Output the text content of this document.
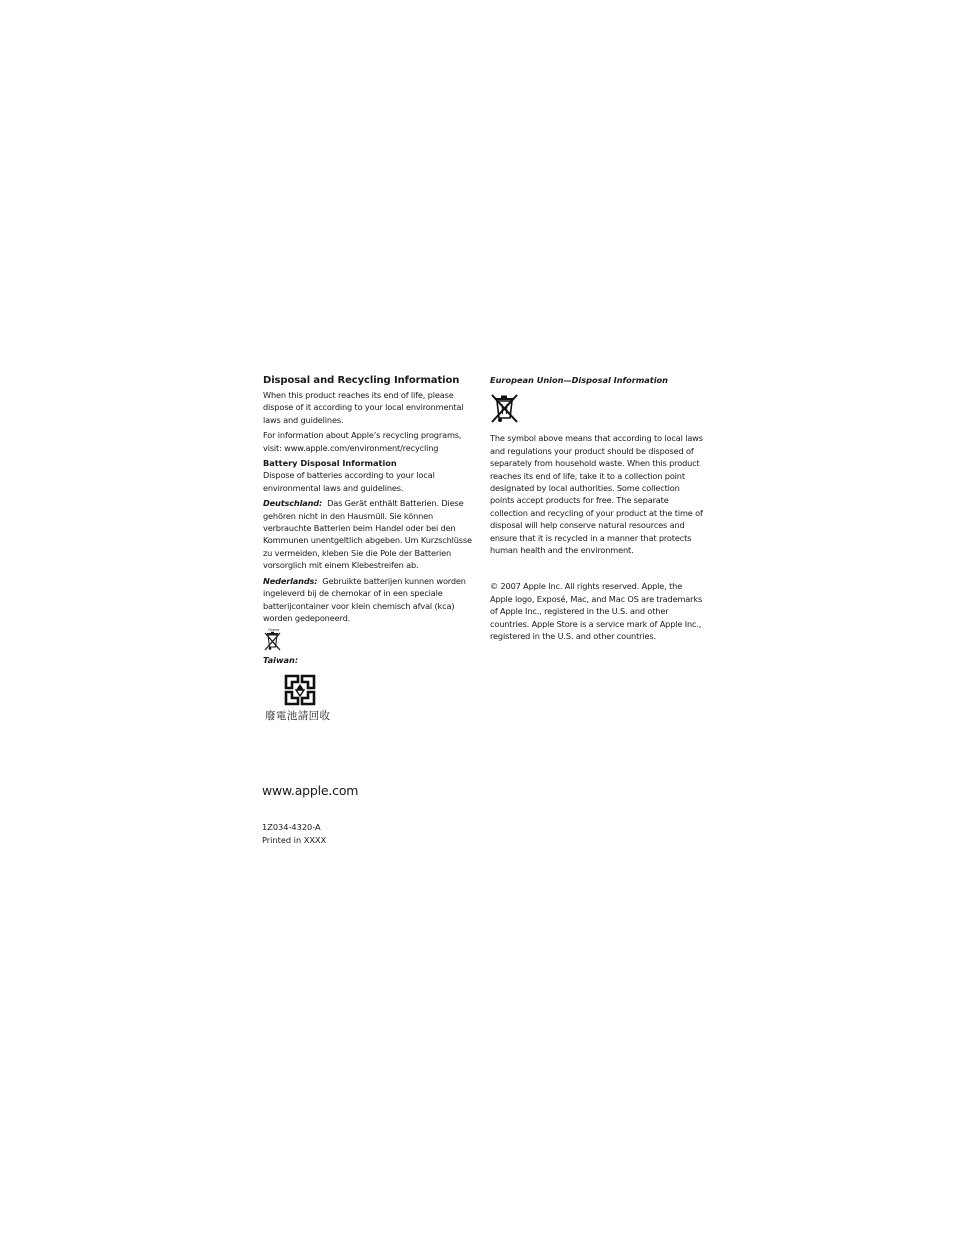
Disposal and Recycling Information

When this product reaches its end of life, please dispose of it according to your local environmental laws and guidelines.

For information about Apple’s recycling programs, visit: www.apple.com/environment/recycling

Battery Disposal Information

Dispose of batteries according to your local environmental laws and guidelines.

Deutschland: Das Gerät enthält Batterien. Diese gehören nicht in den Hausmüll. Sie können verbrauchte Batterien beim Handel oder bei den Kommunen unentgeltlich abgeben. Um Kurzschlüsse zu vermeiden, kleben Sie die Pole der Batterien vorsorglich mit einem Klebestreifen ab.

Nederlands: Gebruikte batterijen kunnen worden ingeleverd bij de chemokar of in een speciale batterijcontainer voor klein chemisch afval (kca) worden gedeponeerd.

Chemo
Taiwan:
廢電池請回收
European Union—Disposal Information

The symbol above means that according to local laws and regulations your product should be disposed of separately from household waste. When this product reaches its end of life, take it to a collection point designated by local authorities. Some collection points accept products for free. The separate collection and recycling of your product at the time of disposal will help conserve natural resources and ensure that it is recycled in a manner that protects human health and the environment.

© 2007 Apple Inc. All rights reserved. Apple, the Apple logo, Exposé, Mac, and Mac OS are trademarks of Apple Inc., registered in the U.S. and other countries. Apple Store is a service mark of Apple Inc., registered in the U.S. and other countries.

www.apple.com
1Z034-4320-A
Printed in XXXX
